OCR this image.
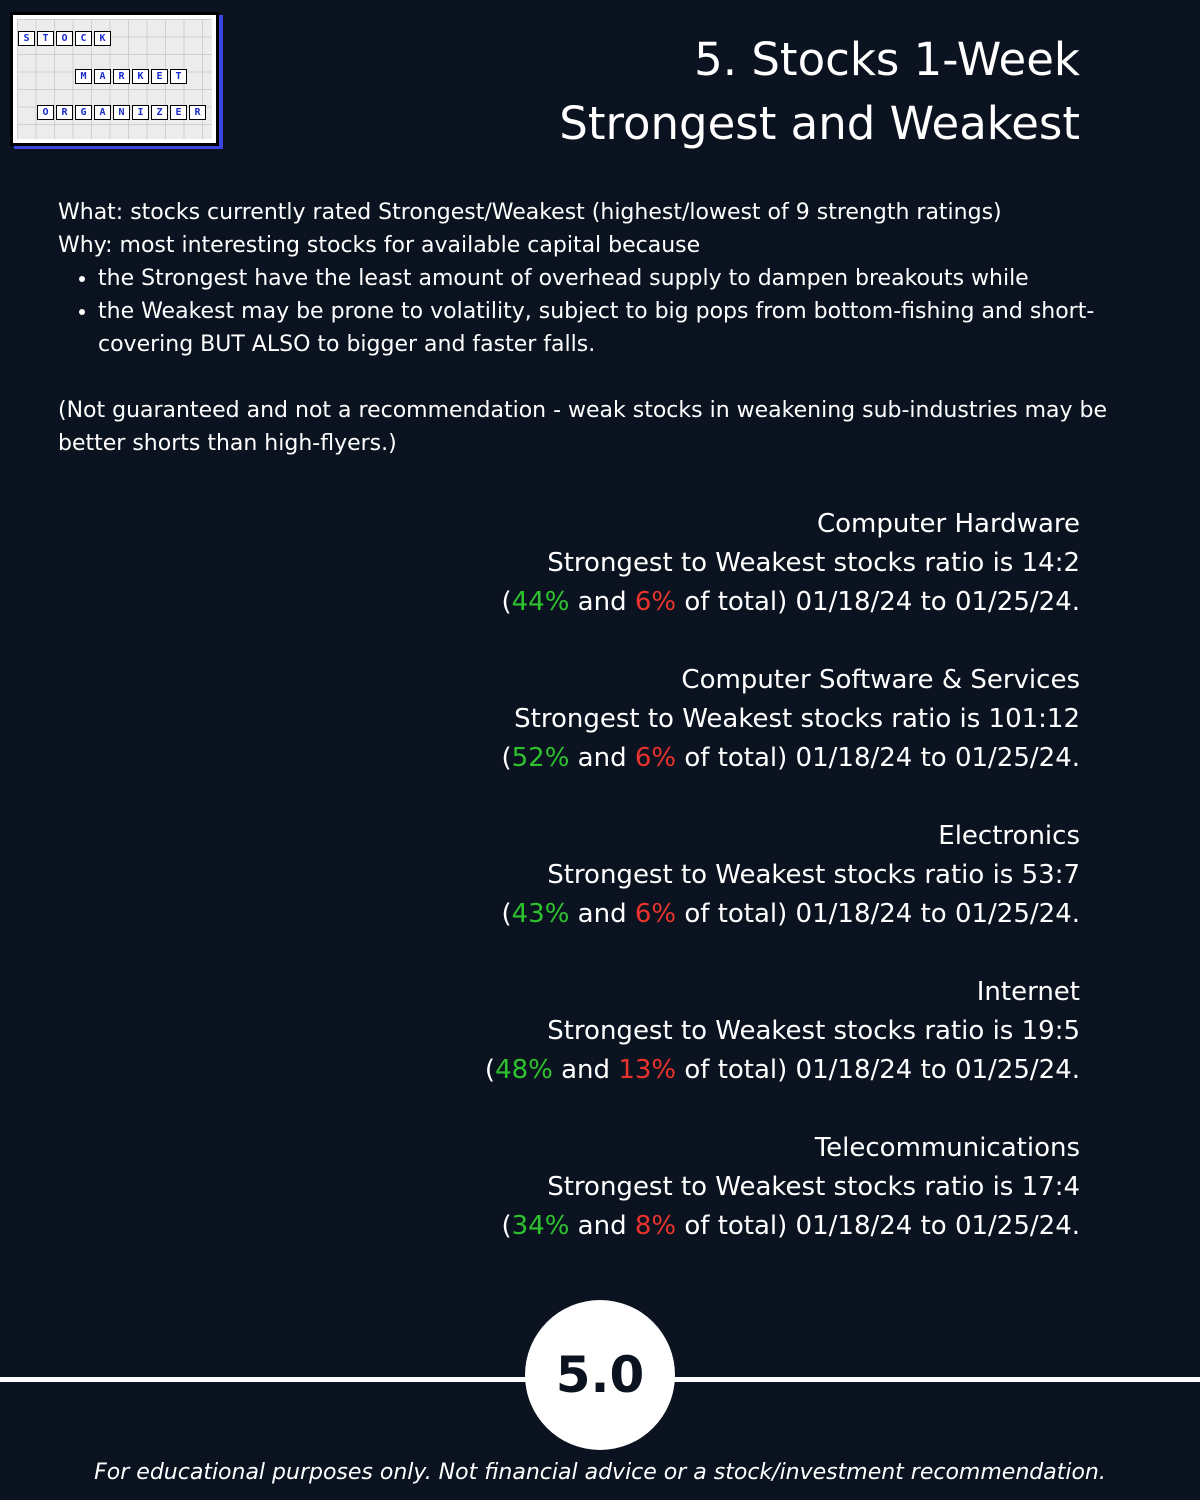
S	T	O	C	K
M	A	R	K	E	T
O	R	G	A	N	I	Z	E	R
5. Stocks 1-Week
Strongest and Weakest

What: stocks currently rated Strongest/Weakest (highest/lowest of 9 strength ratings)

Why: most interesting stocks for available capital because

• the Strongest have the least amount of overhead supply to dampen breakouts while
• the Weakest may be prone to volatility, subject to big pops from bottom-fishing and short-covering BUT ALSO to bigger and faster falls.

(Not guaranteed and not a recommendation - weak stocks in weakening sub-industries may be better shorts than high-flyers.)

Computer Hardware
Strongest to Weakest stocks ratio is 14:2
(44% and 6% of total) 01/18/24 to 01/25/24.
Computer Software & Services
Strongest to Weakest stocks ratio is 101:12
(52% and 6% of total) 01/18/24 to 01/25/24.
Electronics
Strongest to Weakest stocks ratio is 53:7
(43% and 6% of total) 01/18/24 to 01/25/24.
Internet
Strongest to Weakest stocks ratio is 19:5
(48% and 13% of total) 01/18/24 to 01/25/24.
Telecommunications
Strongest to Weakest stocks ratio is 17:4
(34% and 8% of total) 01/18/24 to 01/25/24.
5.0
For educational purposes only. Not financial advice or a stock/investment recommendation.
